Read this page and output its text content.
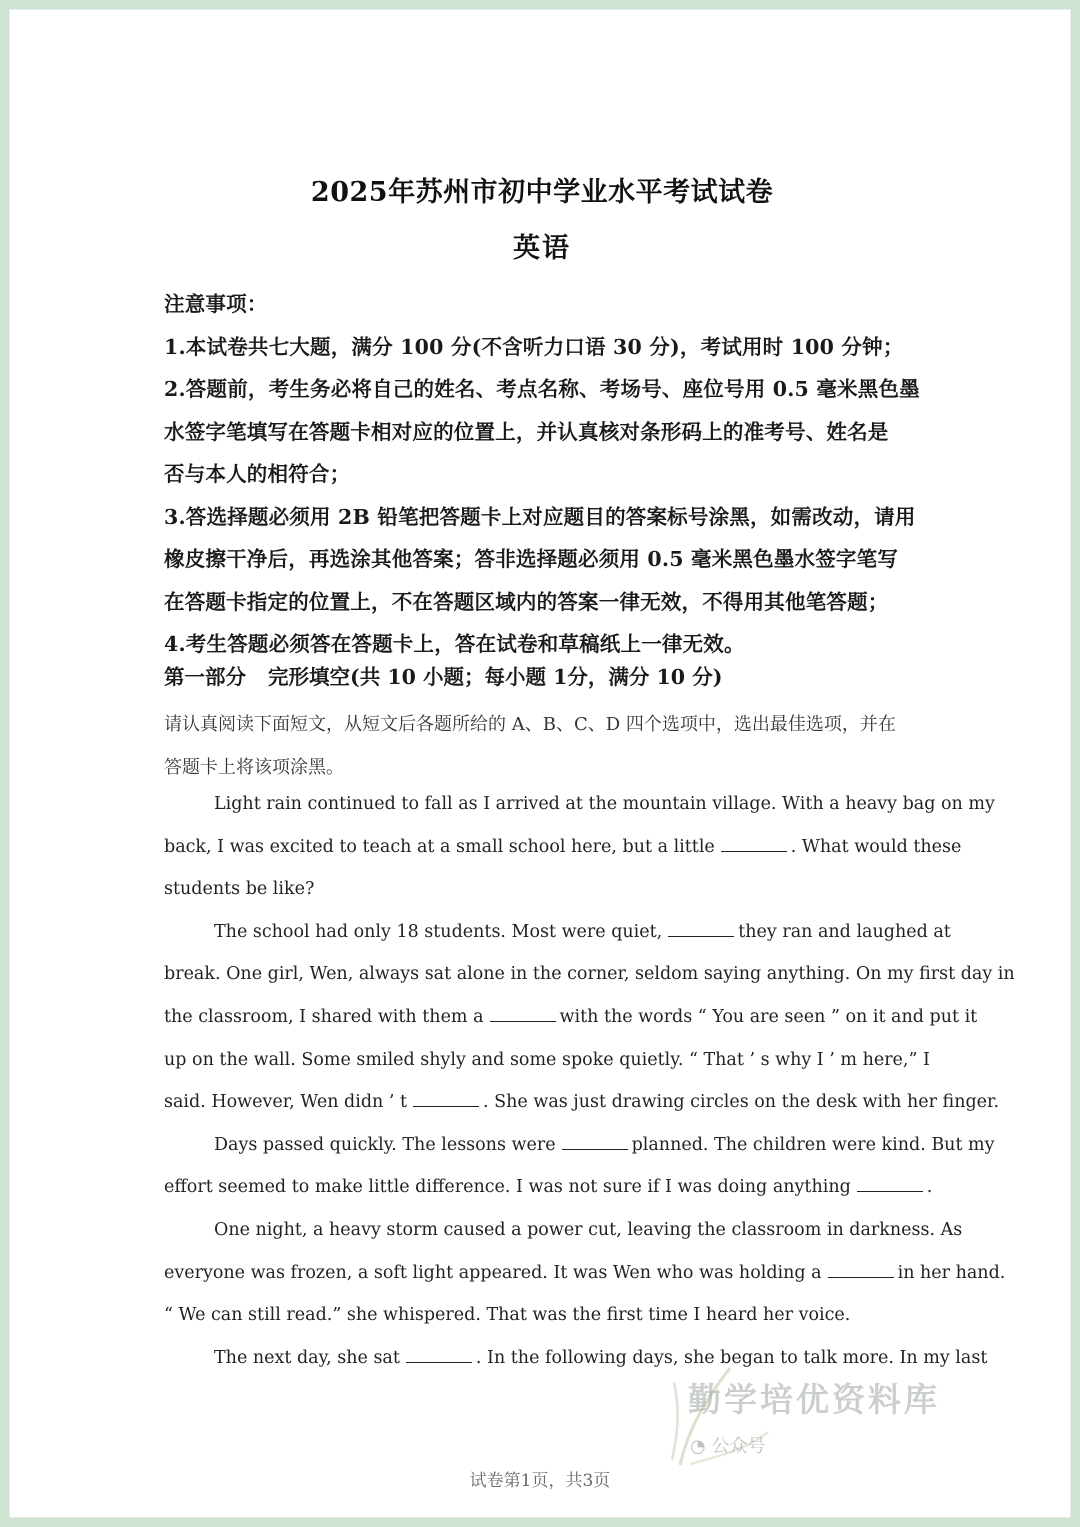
2025年苏州市初中学业水平考试试卷
英语
注意事项：
1.本试卷共七大题，满分 100 分(不含听力口语 30 分)，考试用时 100 分钟；
2.答题前，考生务必将自己的姓名、考点名称、考场号、座位号用 0.5 毫米黑色墨
水签字笔填写在答题卡相对应的位置上，并认真核对条形码上的准考号、姓名是
否与本人的相符合；
3.答选择题必须用 2B 铅笔把答题卡上对应题目的答案标号涂黑，如需改动，请用
橡皮擦干净后，再选涂其他答案；答非选择题必须用 0.5 毫米黑色墨水签字笔写
在答题卡指定的位置上，不在答题区域内的答案一律无效，不得用其他笔答题；
4.考生答题必须答在答题卡上，答在试卷和草稿纸上一律无效。
第一部分 完形填空(共 10 小题；每小题 1分，满分 10 分)
请认真阅读下面短文，从短文后各题所给的 A、B、C、D 四个选项中，选出最佳选项，并在
答题卡上将该项涂黑。
Light rain continued to fall as I arrived at the mountain village. With a heavy bag on my
back, I was excited to teach at a small school here, but a little	. What would these
students be like?
The school had only 18 students. Most were quiet,	they ran and laughed at
break. One girl, Wen, always sat alone in the corner, seldom saying anything. On my first day in
the classroom, I shared with them a	with the words “ You are seen ” on it and put it
up on the wall. Some smiled shyly and some spoke quietly. “ That ’ s why I ’ m here,” I
said. However, Wen didn ’ t	. She was just drawing circles on the desk with her finger.
Days passed quickly. The lessons were	planned. The children were kind. But my
effort seemed to make little difference. I was not sure if I was doing anything	.
One night, a heavy storm caused a power cut, leaving the classroom in darkness. As
everyone was frozen, a soft light appeared. It was Wen who was holding a	in her hand.
“ We can still read.” she whispered. That was the first time I heard her voice.
The next day, she sat	. In the following days, she began to talk more. In my last
勤学培优资料库
◔ 公众号
试卷第1页，共3页
